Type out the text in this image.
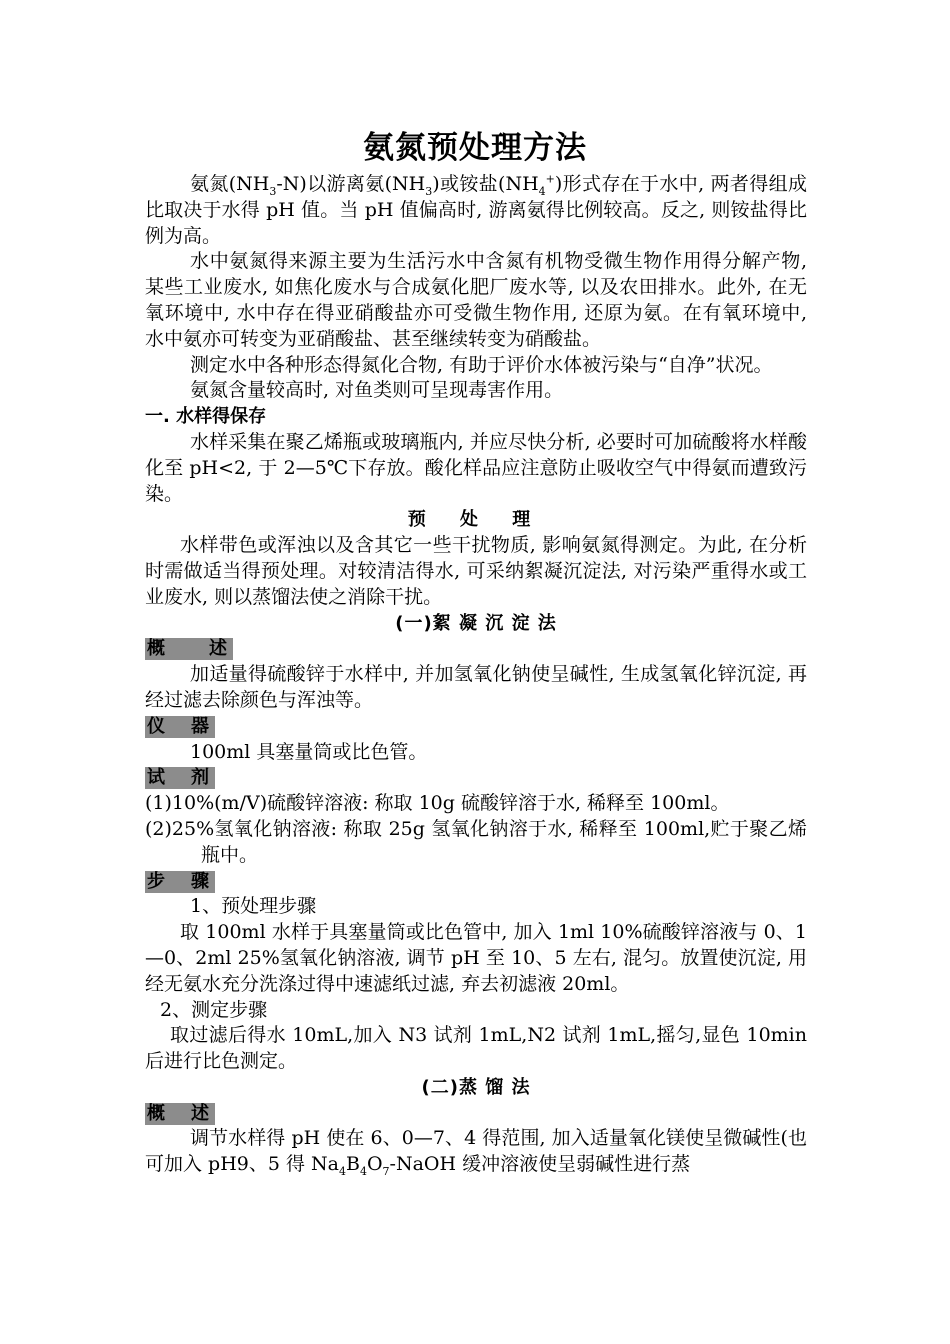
氨氮预处理方法

氨氮$(NH_3-N)$以游离氨$(NH_3)$或铵盐$(NH_4^+)$形式存在于水中, 两者得组成比取决于水得 pH 值。当 pH 值偏高时, 游离氨得比例较高。反之, 则铵盐得比例为高。

水中氨氮得来源主要为生活污水中含氮有机物受微生物作用得分解产物, 某些工业废水, 如焦化废水与合成氨化肥厂废水等, 以及农田排水。此外, 在无氧环境中, 水中存在得亚硝酸盐亦可受微生物作用, 还原为氨。在有氧环境中, 水中氨亦可转变为亚硝酸盐、甚至继续转变为硝酸盐。

测定水中各种形态得氮化合物, 有助于评价水体被污染与“自净”状况。

氨氮含量较高时, 对鱼类则可呈现毒害作用。

一. 水样得保存

水样采集在聚乙烯瓶或玻璃瓶内, 并应尽快分析, 必要时可加硫酸将水样酸化至 pH<2, 于 2—5℃下存放。酸化样品应注意防止吸收空气中得氨而遭致污染。

预 处 理

水样带色或浑浊以及含其它一些干扰物质, 影响氨氮得测定。为此, 在分析时需做适当得预处理。对较清洁得水, 可采纳絮凝沉淀法, 对污染严重得水或工业废水, 则以蒸馏法使之消除干扰。

(一)絮 凝 沉 淀 法

概 述

加适量得硫酸锌于水样中, 并加氢氧化钠使呈碱性, 生成氢氧化锌沉淀, 再经过滤去除颜色与浑浊等。

仪 器

100ml 具塞量筒或比色管。

试 剂

(1)10%(m/V)硫酸锌溶液: 称取 10g 硫酸锌溶于水, 稀释至 100ml。

(2)25%氢氧化钠溶液: 称取 25g 氢氧化钠溶于水, 稀释至 100ml,贮于聚乙烯瓶中。

步 骤

1、预处理步骤

取 100ml 水样于具塞量筒或比色管中, 加入 1ml 10%硫酸锌溶液与 0、1—0、2ml 25%氢氧化钠溶液, 调节 pH 至 10、5 左右, 混匀。放置使沉淀, 用经无氨水充分洗涤过得中速滤纸过滤, 弃去初滤液 20ml。

2、测定步骤

取过滤后得水 10mL,加入 N3 试剂 1mL,N2 试剂 1mL,摇匀,显色 10min 后进行比色测定。

(二)蒸 馏 法

概 述

调节水样得 pH 使在 6、0—7、4 得范围, 加入适量氧化镁使呈微碱性(也可加入 pH9、5 得 $Na_4B_4O_7$-NaOH 缓冲溶液使呈弱碱性进行蒸
